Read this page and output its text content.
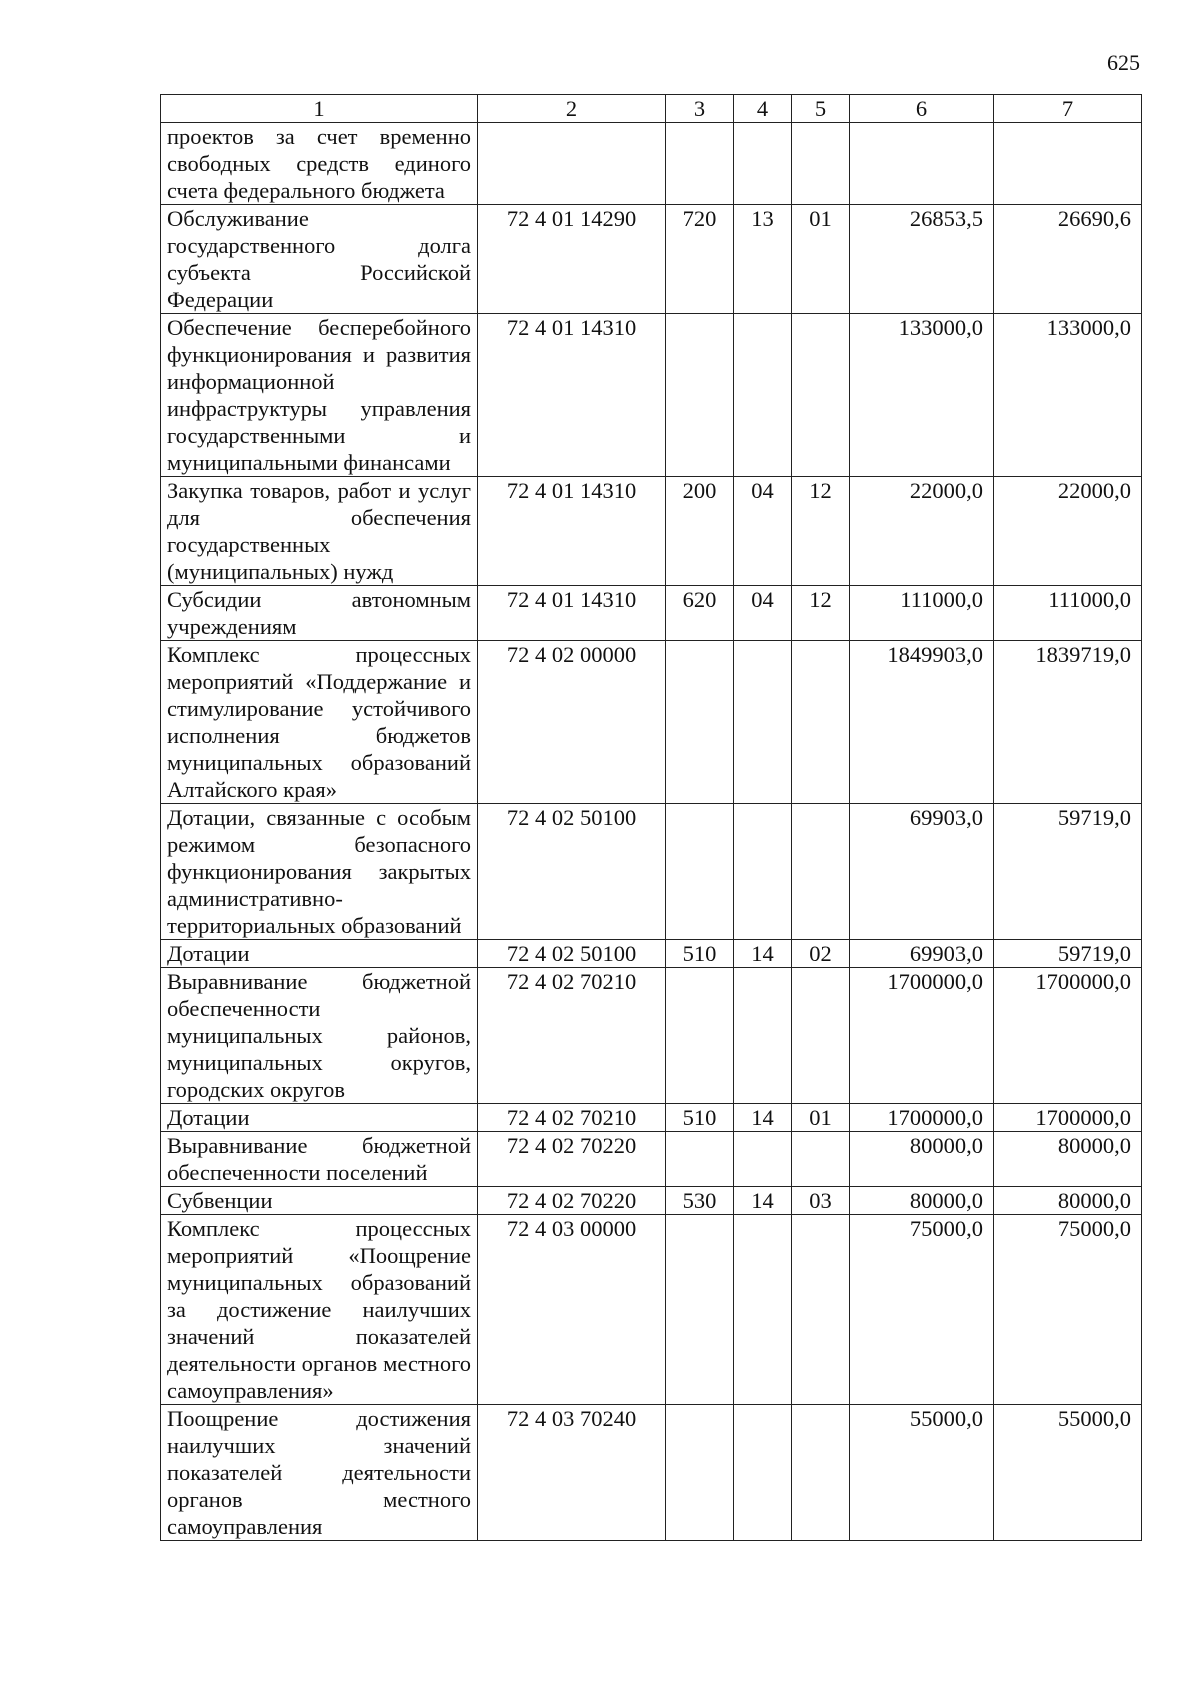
625
1	2	3	4	5	6	7
проектов за счет временно свободных средств единого счета федерального бюджета						
Обслуживание государственного долга субъекта Российской Федерации	72 4 01 14290	720	13	01	26853,5	26690,6
Обеспечение бесперебойного функционирования и развития информационной инфраструктуры управления государственными и муниципальными финансами	72 4 01 14310				133000,0	133000,0
Закупка товаров, работ и услуг для обеспечения государственных (муниципальных) нужд	72 4 01 14310	200	04	12	22000,0	22000,0
Субсидии автономным учреждениям	72 4 01 14310	620	04	12	111000,0	111000,0
Комплекс процессных мероприятий «Поддержание и стимулирование устойчивого исполнения бюджетов муниципальных образований Алтайского края»	72 4 02 00000				1849903,0	1839719,0
Дотации, связанные с особым режимом безопасного функционирования закрытых административно-территориальных образований	72 4 02 50100				69903,0	59719,0
Дотации	72 4 02 50100	510	14	02	69903,0	59719,0
Выравнивание бюджетной обеспеченности муниципальных районов, муниципальных округов, городских округов	72 4 02 70210				1700000,0	1700000,0
Дотации	72 4 02 70210	510	14	01	1700000,0	1700000,0
Выравнивание бюджетной обеспеченности поселений	72 4 02 70220				80000,0	80000,0
Субвенции	72 4 02 70220	530	14	03	80000,0	80000,0
Комплекс процессных мероприятий «Поощрение муниципальных образований за достижение наилучших значений показателей деятельности органов местного самоуправления»	72 4 03 00000				75000,0	75000,0
Поощрение достижения наилучших значений показателей деятельности органов местного самоуправления	72 4 03 70240				55000,0	55000,0
